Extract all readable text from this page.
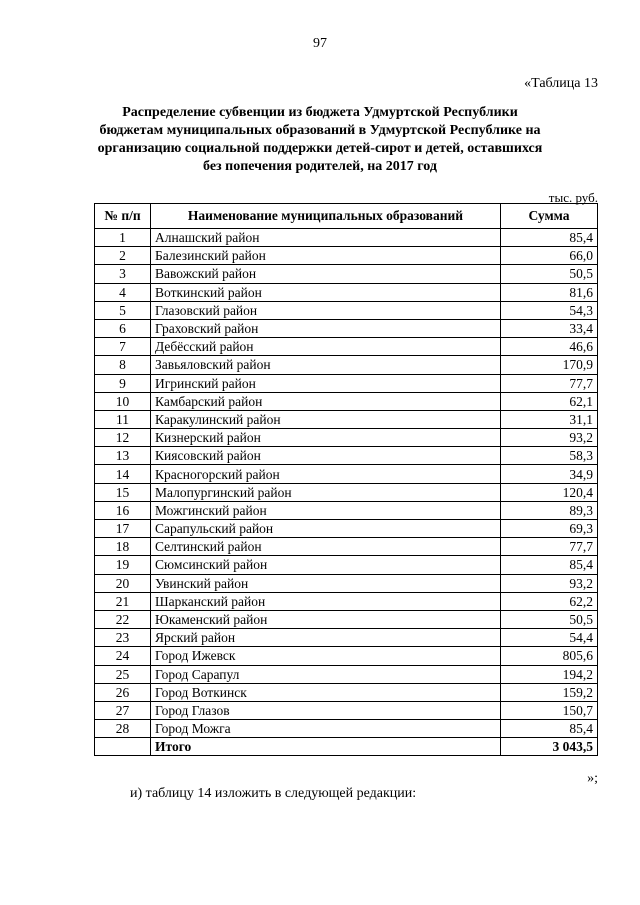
97
«Таблица 13
Распределение субвенции из бюджета Удмуртской Республики
бюджетам муниципальных образований в Удмуртской Республике на
организацию социальной поддержки детей-сирот и детей, оставшихся
без попечения родителей, на 2017 год
тыс. руб.
№ п/п	Наименование муниципальных образований	Сумма
1	Алнашский район	85,4
2	Балезинский район	66,0
3	Вавожский район	50,5
4	Воткинский район	81,6
5	Глазовский район	54,3
6	Граховский район	33,4
7	Дебёсский район	46,6
8	Завьяловский район	170,9
9	Игринский район	77,7
10	Камбарский район	62,1
11	Каракулинский район	31,1
12	Кизнерский район	93,2
13	Киясовский район	58,3
14	Красногорский район	34,9
15	Малопургинский район	120,4
16	Можгинский район	89,3
17	Сарапульский район	69,3
18	Селтинский район	77,7
19	Сюмсинский район	85,4
20	Увинский район	93,2
21	Шарканский район	62,2
22	Юкаменский район	50,5
23	Ярский район	54,4
24	Город Ижевск	805,6
25	Город Сарапул	194,2
26	Город Воткинск	159,2
27	Город Глазов	150,7
28	Город Можга	85,4
	Итого	3 043,5
»;
и) таблицу 14 изложить в следующей редакции:
